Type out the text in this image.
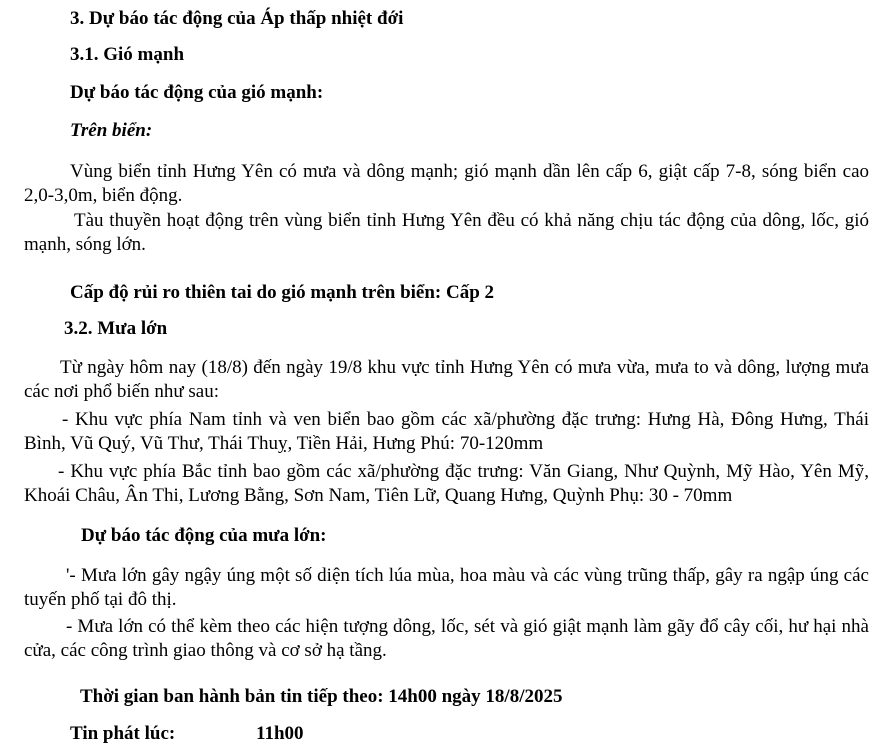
3. Dự báo tác động của Áp thấp nhiệt đới
3.1. Gió mạnh
Dự báo tác động của gió mạnh:
Trên biển:
Vùng biển tỉnh Hưng Yên có mưa và dông mạnh; gió mạnh dần lên cấp 6, giật cấp 7-8, sóng biển cao 2,0-3,0m, biển động.
Tàu thuyền hoạt động trên vùng biển tỉnh Hưng Yên đều có khả năng chịu tác động của dông, lốc, gió mạnh, sóng lớn.
Cấp độ rủi ro thiên tai do gió mạnh trên biển: Cấp 2
3.2. Mưa lớn
Từ ngày hôm nay (18/8) đến ngày 19/8 khu vực tỉnh Hưng Yên có mưa vừa, mưa to và dông, lượng mưa các nơi phổ biến như sau:
- Khu vực phía Nam tỉnh và ven biển bao gồm các xã/phường đặc trưng: Hưng Hà, Đông Hưng, Thái Bình, Vũ Quý, Vũ Thư, Thái Thuỵ, Tiền Hải, Hưng Phú: 70-120mm
- Khu vực phía Bắc tỉnh bao gồm các xã/phường đặc trưng: Văn Giang, Như Quỳnh, Mỹ Hào, Yên Mỹ, Khoái Châu, Ân Thi, Lương Bằng, Sơn Nam, Tiên Lữ, Quang Hưng, Quỳnh Phụ: 30 - 70mm
Dự báo tác động của mưa lớn:
'- Mưa lớn gây ngậy úng một số diện tích lúa mùa, hoa màu và các vùng trũng thấp, gây ra ngập úng các tuyến phố tại đô thị.
- Mưa lớn có thể kèm theo các hiện tượng dông, lốc, sét và gió giật mạnh làm gãy đổ cây cối, hư hại nhà cửa, các công trình giao thông và cơ sở hạ tầng.
Thời gian ban hành bản tin tiếp theo: 14h00 ngày 18/8/2025
Tin phát lúc:	11h00
